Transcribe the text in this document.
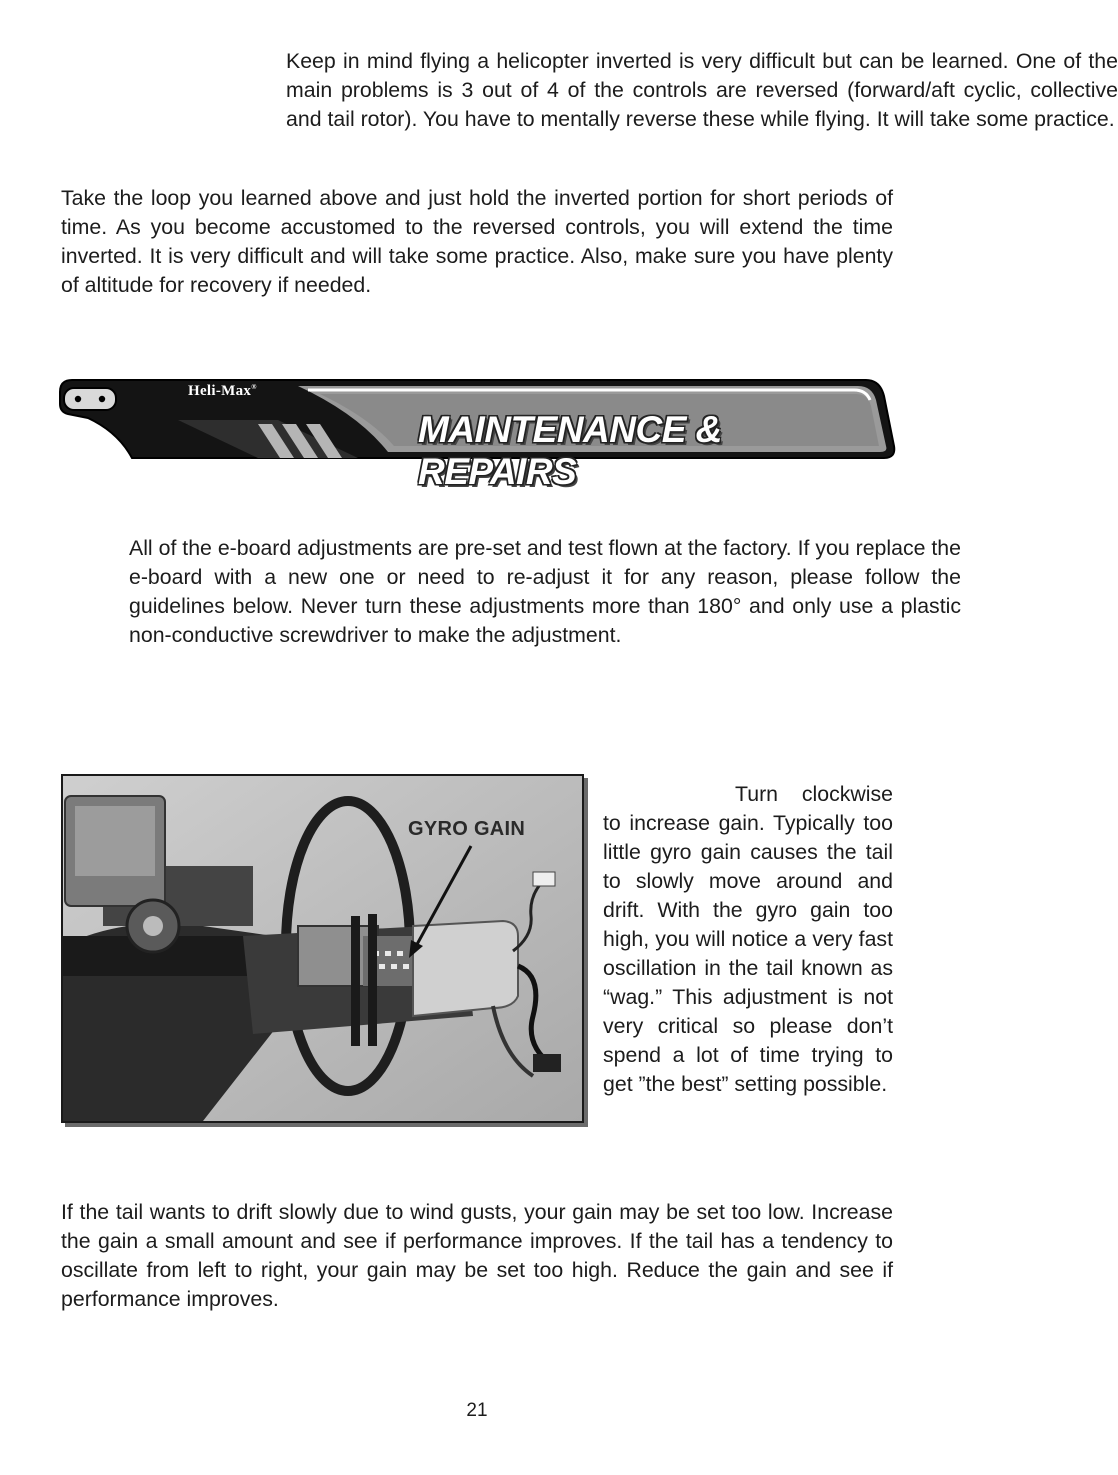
Keep in mind flying a helicopter inverted is very difficult but can be learned. One of the main problems is 3 out of 4 of the controls are reversed (forward/aft cyclic, collective and tail rotor). You have to mentally reverse these while flying. It will take some practice.

Take the loop you learned above and just hold the inverted portion for short periods of time. As you become accustomed to the reversed controls, you will extend the time inverted. It is very difficult and will take some practice. Also, make sure you have plenty of altitude for recovery if needed.

Heli-Max®
MAINTENANCE & REPAIRS

All of the e-board adjustments are pre-set and test flown at the factory. If you replace the e-board with a new one or need to re-adjust it for any reason, please follow the guidelines below. Never turn these adjustments more than 180° and only use a plastic non-conductive screwdriver to make the adjustment.

GYRO GAIN

Turn clockwise to increase gain. Typically too little gyro gain causes the tail to slowly move around and drift. With the gyro gain too high, you will notice a very fast oscillation in the tail known as “wag.” This adjustment is not very critical so please don’t spend a lot of time trying to get ”the best” setting possible.

If the tail wants to drift slowly due to wind gusts, your gain may be set too low. Increase the gain a small amount and see if performance improves. If the tail has a tendency to oscillate from left to right, your gain may be set too high. Reduce the gain and see if performance improves.

21
